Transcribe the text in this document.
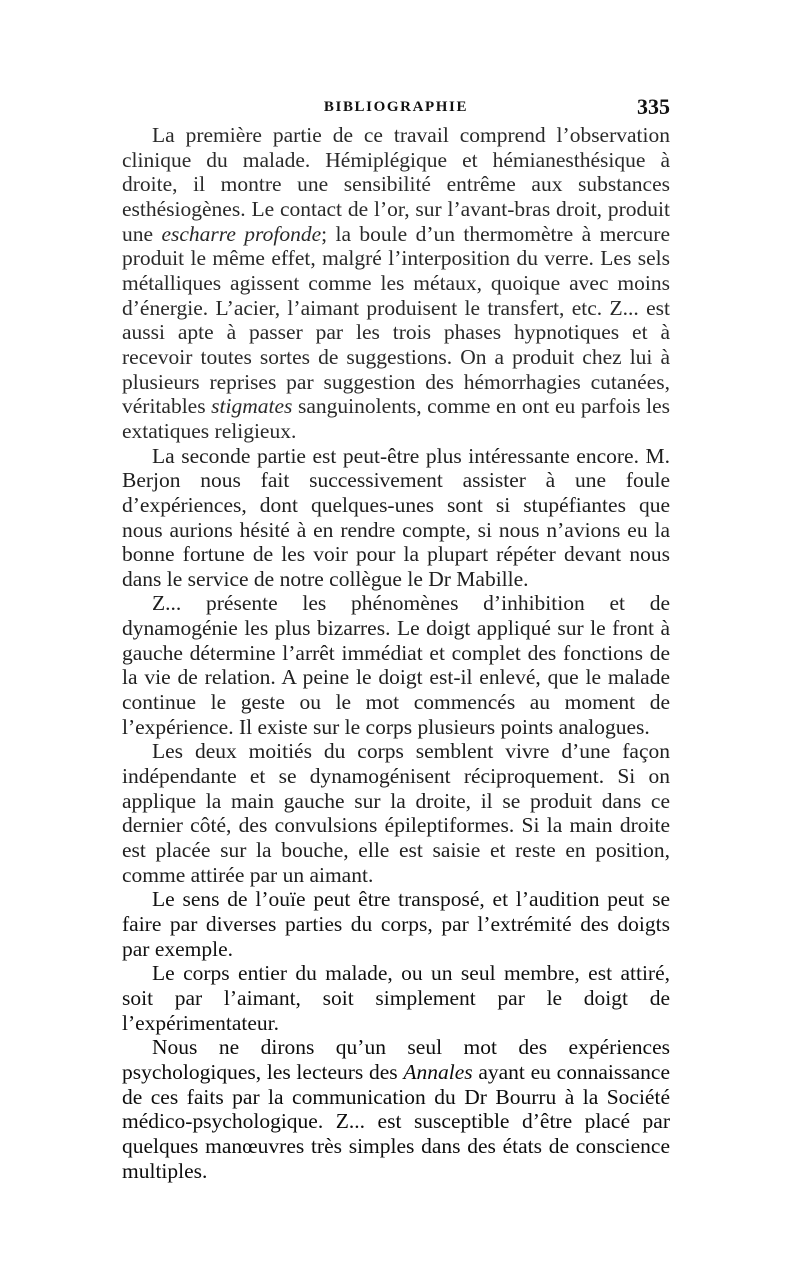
BIBLIOGRAPHIE	335

La première partie de ce travail comprend l’observation clinique du malade. Hémiplégique et hémianesthésique à droite, il montre une sensibilité entrême aux substances esthésiogènes. Le contact de l’or, sur l’avant-bras droit, produit une escharre profonde; la boule d’un thermomètre à mercure produit le même effet, malgré l’interposition du verre. Les sels métalliques agissent comme les métaux, quoique avec moins d’énergie. L’acier, l’aimant produisent le transfert, etc. Z... est aussi apte à passer par les trois phases hypnotiques et à recevoir toutes sortes de suggestions. On a produit chez lui à plusieurs reprises par suggestion des hémorrhagies cutanées, véritables stigmates sanguinolents, comme en ont eu parfois les extatiques religieux.

La seconde partie est peut-être plus intéressante encore. M. Berjon nous fait successivement assister à une foule d’expériences, dont quelques-unes sont si stupéfiantes que nous aurions hésité à en rendre compte, si nous n’avions eu la bonne fortune de les voir pour la plupart répéter devant nous dans le service de notre collègue le Dr Mabille.

Z... présente les phénomènes d’inhibition et de dynamogénie les plus bizarres. Le doigt appliqué sur le front à gauche détermine l’arrêt immédiat et complet des fonctions de la vie de relation. A peine le doigt est-il enlevé, que le malade continue le geste ou le mot commencés au moment de l’expérience. Il existe sur le corps plusieurs points analogues.

Les deux moitiés du corps semblent vivre d’une façon indépendante et se dynamogénisent réciproquement. Si on applique la main gauche sur la droite, il se produit dans ce dernier côté, des convulsions épileptiformes. Si la main droite est placée sur la bouche, elle est saisie et reste en position, comme attirée par un aimant.

Le sens de l’ouïe peut être transposé, et l’audition peut se faire par diverses parties du corps, par l’extrémité des doigts par exemple.

Le corps entier du malade, ou un seul membre, est attiré, soit par l’aimant, soit simplement par le doigt de l’expérimentateur.

Nous ne dirons qu’un seul mot des expériences psychologiques, les lecteurs des Annales ayant eu connaissance de ces faits par la communication du Dr Bourru à la Société médico-psychologique. Z... est susceptible d’être placé par quelques manœuvres très simples dans des états de conscience multiples.
